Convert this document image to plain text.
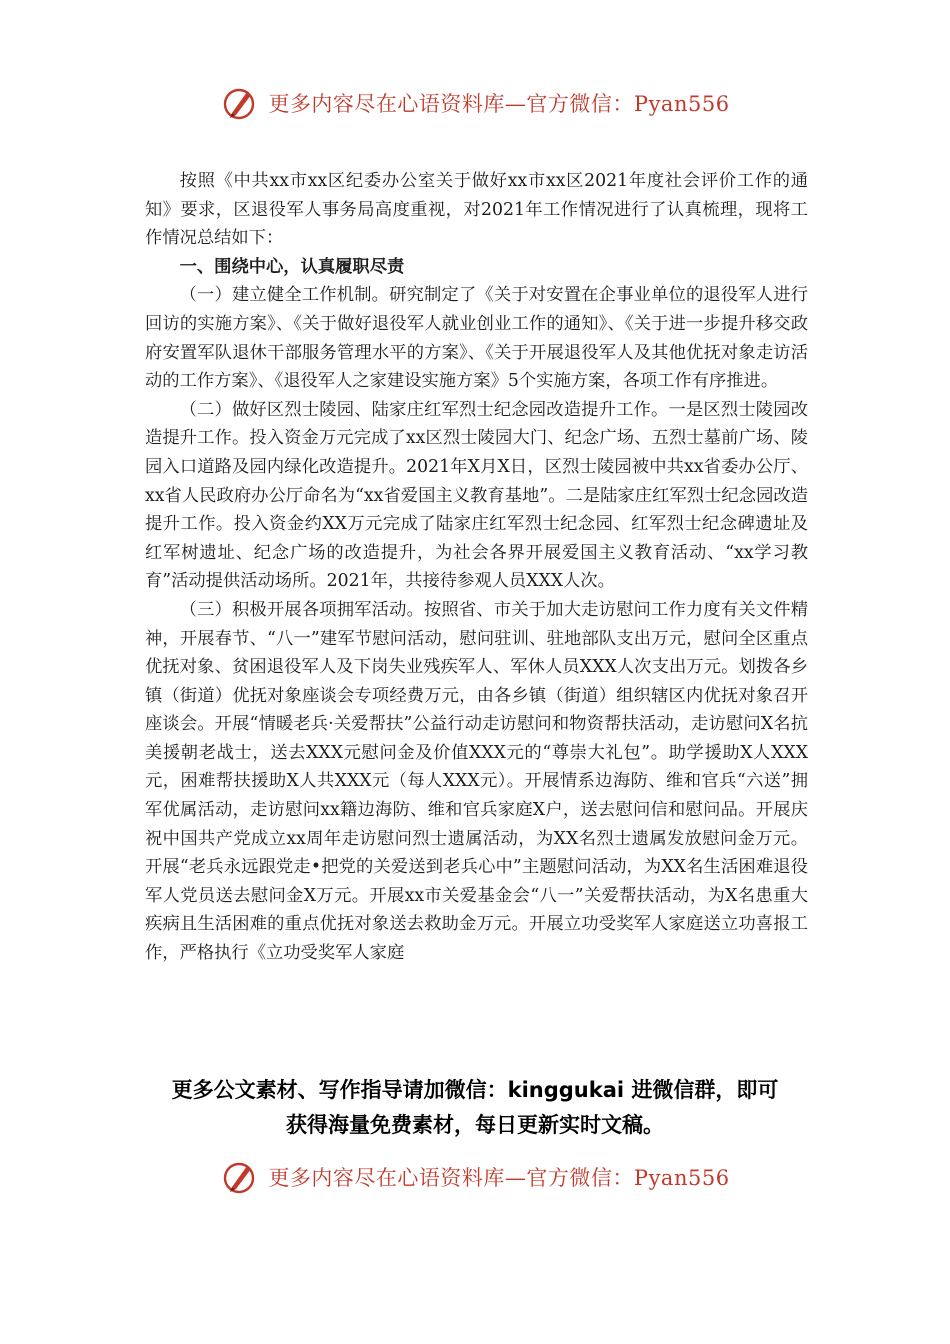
更多内容尽在心语资料库—官方微信：Pyan556

按照《中共xx市xx区纪委办公室关于做好xx市xx区2021年度社会评价工作的通知》要求，区退役军人事务局高度重视，对2021年工作情况进行了认真梳理，现将工作情况总结如下：

一、围绕中心，认真履职尽责

（一）建立健全工作机制。研究制定了《关于对安置在企事业单位的退役军人进行回访的实施方案》、《关于做好退役军人就业创业工作的通知》、《关于进一步提升移交政府安置军队退休干部服务管理水平的方案》、《关于开展退役军人及其他优抚对象走访活动的工作方案》、《退役军人之家建设实施方案》5个实施方案，各项工作有序推进。

（二）做好区烈士陵园、陆家庄红军烈士纪念园改造提升工作。一是区烈士陵园改造提升工作。投入资金万元完成了xx区烈士陵园大门、纪念广场、五烈士墓前广场、陵园入口道路及园内绿化改造提升。2021年X月X日，区烈士陵园被中共xx省委办公厅、xx省人民政府办公厅命名为“xx省爱国主义教育基地”。二是陆家庄红军烈士纪念园改造提升工作。投入资金约XX万元完成了陆家庄红军烈士纪念园、红军烈士纪念碑遗址及红军树遗址、纪念广场的改造提升，为社会各界开展爱国主义教育活动、“xx学习教育”活动提供活动场所。2021年，共接待参观人员XXX人次。

（三）积极开展各项拥军活动。按照省、市关于加大走访慰问工作力度有关文件精神，开展春节、“八一”建军节慰问活动，慰问驻训、驻地部队支出万元，慰问全区重点优抚对象、贫困退役军人及下岗失业残疾军人、军休人员XXX人次支出万元。划拨各乡镇（街道）优抚对象座谈会专项经费万元，由各乡镇（街道）组织辖区内优抚对象召开座谈会。开展“情暖老兵·关爱帮扶”公益行动走访慰问和物资帮扶活动，走访慰问X名抗美援朝老战士，送去XXX元慰问金及价值XXX元的“尊崇大礼包”。助学援助X人XXX元，困难帮扶援助X人共XXX元（每人XXX元）。开展情系边海防、维和官兵“六送”拥军优属活动，走访慰问xx籍边海防、维和官兵家庭X户，送去慰问信和慰问品。开展庆祝中国共产党成立xx周年走访慰问烈士遗属活动，为XX名烈士遗属发放慰问金万元。开展“老兵永远跟党走•把党的关爱送到老兵心中”主题慰问活动，为XX名生活困难退役军人党员送去慰问金X万元。开展xx市关爱基金会“八一”关爱帮扶活动，为X名患重大疾病且生活困难的重点优抚对象送去救助金万元。开展立功受奖军人家庭送立功喜报工作，严格执行《立功受奖军人家庭

更多公文素材、写作指导请加微信：kinggukai 进微信群，即可
获得海量免费素材，每日更新实时文稿。
更多内容尽在心语资料库—官方微信：Pyan556
